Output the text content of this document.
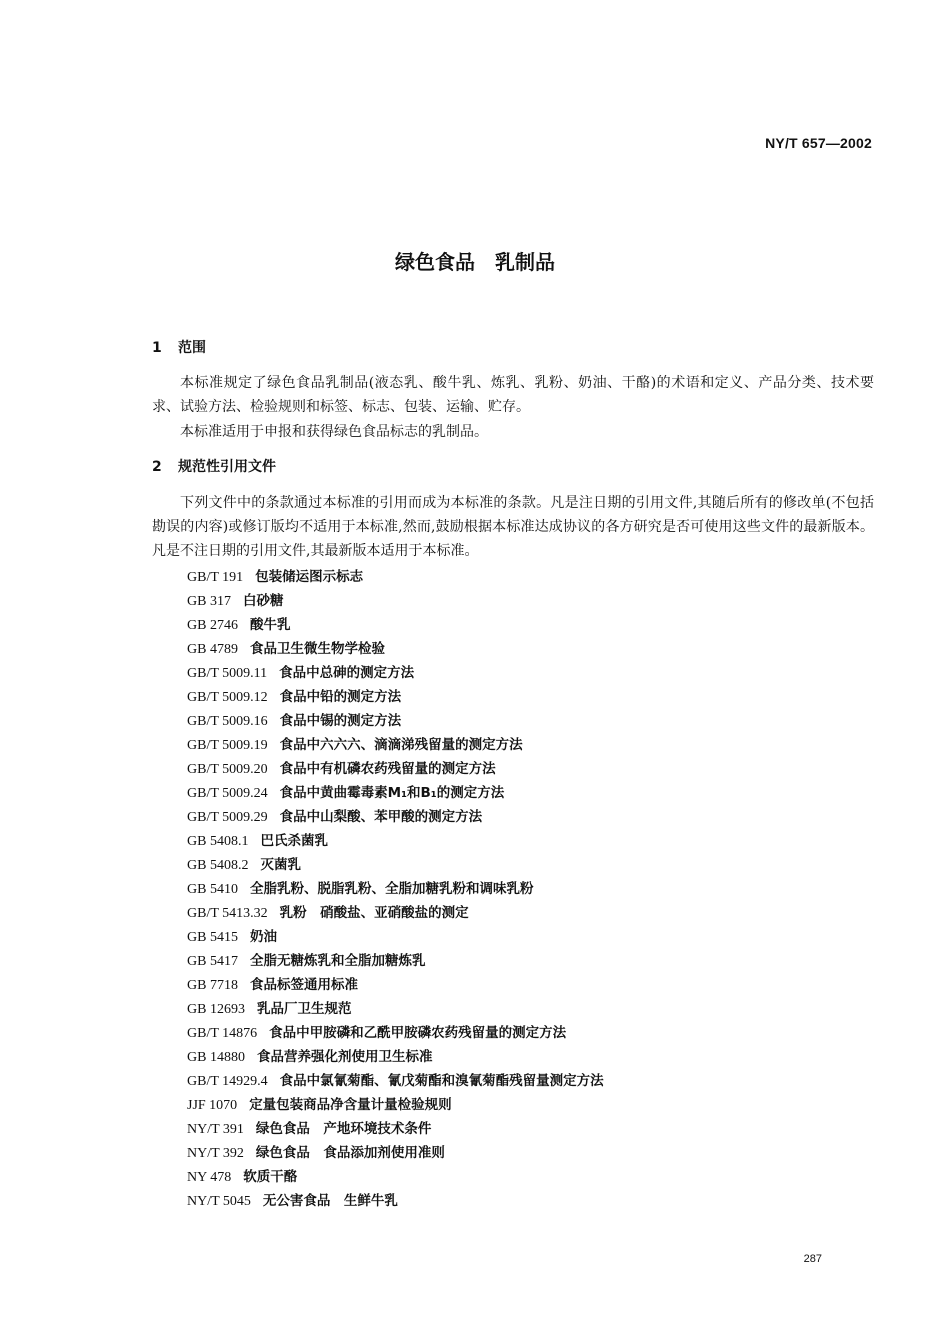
NY/T 657—2002
绿色食品　乳制品
1 范围
本标准规定了绿色食品乳制品(液态乳、酸牛乳、炼乳、乳粉、奶油、干酪)的术语和定义、产品分类、技术要求、试验方法、检验规则和标签、标志、包装、运输、贮存。
本标准适用于申报和获得绿色食品标志的乳制品。
2 规范性引用文件
下列文件中的条款通过本标准的引用而成为本标准的条款。凡是注日期的引用文件,其随后所有的修改单(不包括勘误的内容)或修订版均不适用于本标准,然而,鼓励根据本标准达成协议的各方研究是否可使用这些文件的最新版本。凡是不注日期的引用文件,其最新版本适用于本标准。
GB/T 191 包装储运图示标志
GB 317 白砂糖
GB 2746 酸牛乳
GB 4789 食品卫生微生物学检验
GB/T 5009.11 食品中总砷的测定方法
GB/T 5009.12 食品中铅的测定方法
GB/T 5009.16 食品中锡的测定方法
GB/T 5009.19 食品中六六六、滴滴涕残留量的测定方法
GB/T 5009.20 食品中有机磷农药残留量的测定方法
GB/T 5009.24 食品中黄曲霉毒素M₁和B₁的测定方法
GB/T 5009.29 食品中山梨酸、苯甲酸的测定方法
GB 5408.1 巴氏杀菌乳
GB 5408.2 灭菌乳
GB 5410 全脂乳粉、脱脂乳粉、全脂加糖乳粉和调味乳粉
GB/T 5413.32 乳粉　硝酸盐、亚硝酸盐的测定
GB 5415 奶油
GB 5417 全脂无糖炼乳和全脂加糖炼乳
GB 7718 食品标签通用标准
GB 12693 乳品厂卫生规范
GB/T 14876 食品中甲胺磷和乙酰甲胺磷农药残留量的测定方法
GB 14880 食品营养强化剂使用卫生标准
GB/T 14929.4 食品中氯氰菊酯、氰戊菊酯和溴氰菊酯残留量测定方法
JJF 1070 定量包装商品净含量计量检验规则
NY/T 391 绿色食品　产地环境技术条件
NY/T 392 绿色食品　食品添加剂使用准则
NY 478 软质干酪
NY/T 5045 无公害食品　生鲜牛乳
287
